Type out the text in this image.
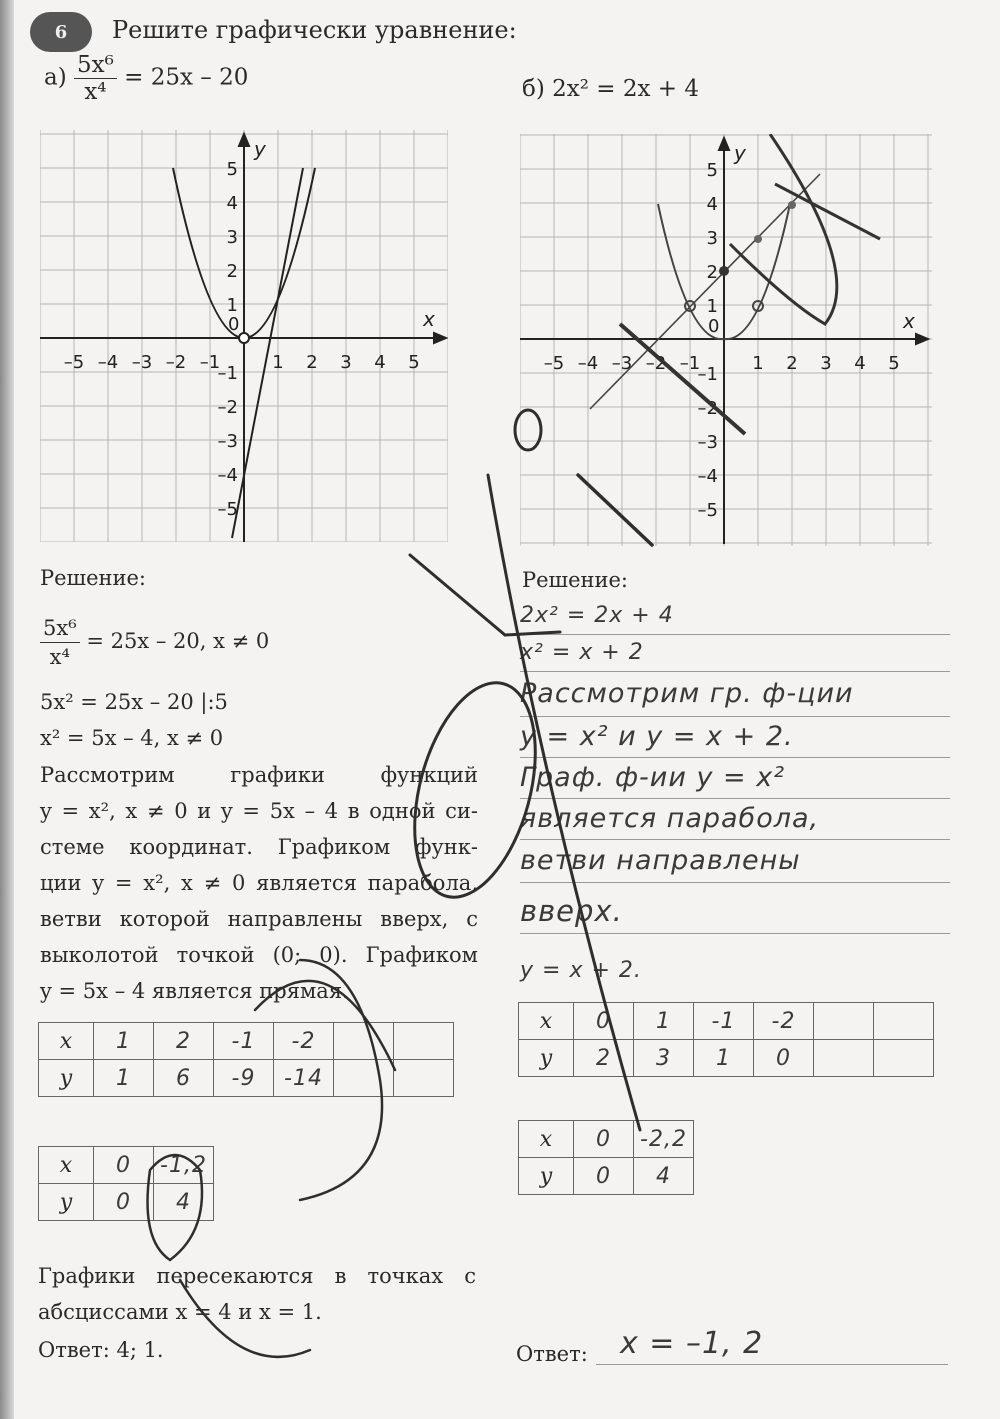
6 Решите графически уравнение:
$а) \frac{\text{5x⁶}}{\text{x⁴}} = 25x - 20$	б) 2x² = 2x + 4
x
y
0
–5 –4 –3 –2 –1	1 2 3 4 5
5
4
3
2
1
–1
–2
–3
–4
–5
x
y
0
–5 –4 –3 –2 –1	1 2 3 4 5
5
4
3
2
1
–1
–2
–3
–4
–5
Решение:
$\frac{\text{5x⁶}}{\text{x⁴}} = 25x - 20$, x ≠ 0
5x² = 25x – 20 |:5
x² = 5x – 4, x ≠ 0
Рассмотрим графики функций
y = x², x ≠ 0 и y = 5x – 4 в одной си-
стеме координат. Графиком функ-
ции y = x², x ≠ 0 является парабола,
ветви которой направлены вверх, с
выколотой точкой (0; 0). Графиком
y = 5x – 4 является прямая.
x	1	2	-1	-2		
y	1	6	-9	-14		
x	0	-1,2
y	0	4
Графики пересекаются в точках с
абсциссами x = 4 и x = 1.
Ответ: 4; 1.
Решение:
2x² = 2x + 4
x² = x + 2
Рассмотрим гр. ф-ции
y = x² и y = x + 2.
Граф. ф-ии y = x²
является парабола,
ветви направлены
вверх.
y = x + 2.
x	0	1	-1	-2		
y	2	3	1	0		
x	0	-2,2
y	0	4
Ответ: x = –1, 2
